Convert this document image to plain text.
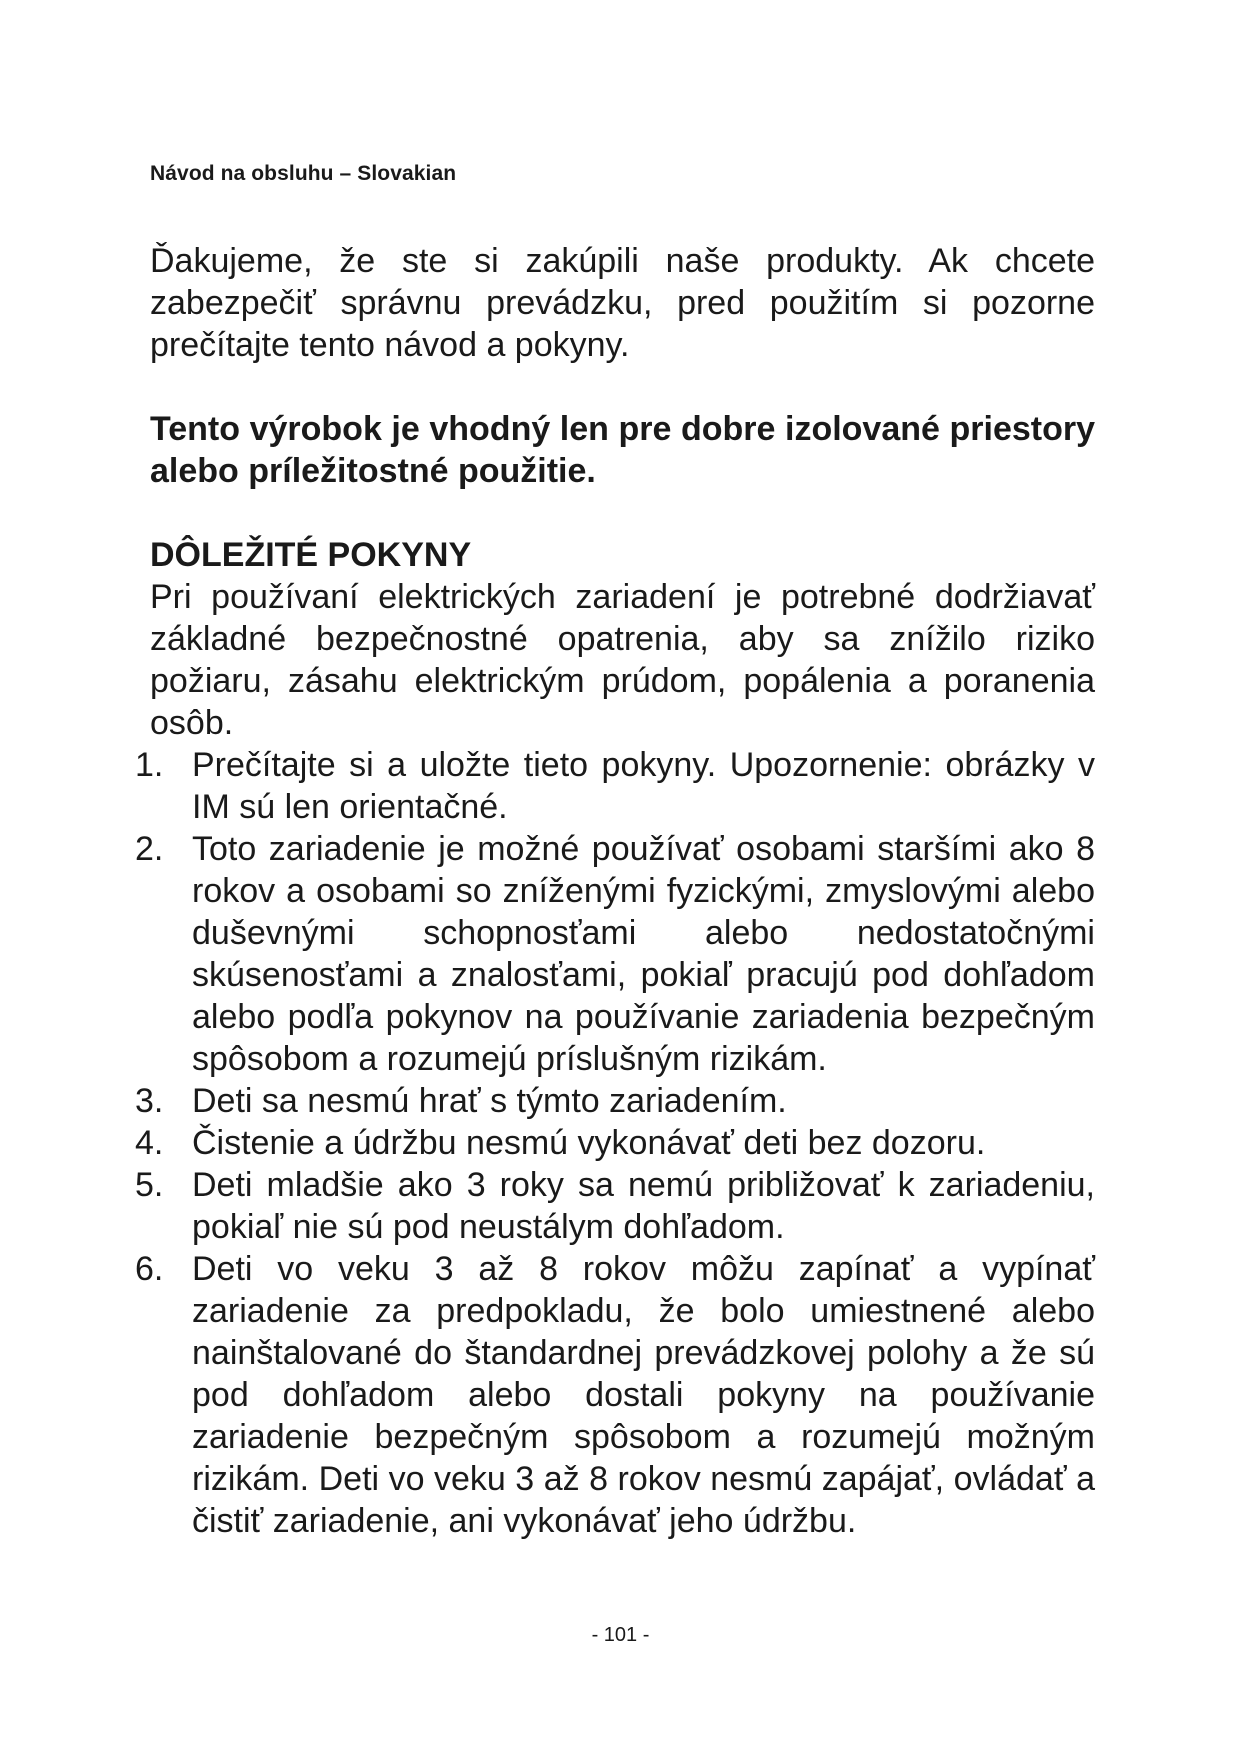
Návod na obsluhu – Slovakian

Ďakujeme, že ste si zakúpili naše produkty. Ak chcete zabezpečiť správnu prevádzku, pred použitím si pozorne prečítajte tento návod a pokyny.

Tento výrobok je vhodný len pre dobre izolované priestory alebo príležitostné použitie.

DÔLEŽITÉ POKYNY

Pri používaní elektrických zariadení je potrebné dodržiavať základné bezpečnostné opatrenia, aby sa znížilo riziko požiaru, zásahu elektrickým prúdom, popálenia a poranenia osôb.

1. Prečítajte si a uložte tieto pokyny. Upozornenie: obrázky v IM sú len orientačné.
2. Toto zariadenie je možné používať osobami staršími ako 8 rokov a osobami so zníženými fyzickými, zmyslovými alebo duševnými schopnosťami alebo nedostatočnými skúsenosťami a znalosťami, pokiaľ pracujú pod dohľadom alebo podľa pokynov na používanie zariadenia bezpečným spôsobom a rozumejú príslušným rizikám.
3. Deti sa nesmú hrať s týmto zariadením.
4. Čistenie a údržbu nesmú vykonávať deti bez dozoru.
5. Deti mladšie ako 3 roky sa nemú približovať k zariadeniu, pokiaľ nie sú pod neustálym dohľadom.
6. Deti vo veku 3 až 8 rokov môžu zapínať a vypínať zariadenie za predpokladu, že bolo umiestnené alebo nainštalované do štandardnej prevádzkovej polohy a že sú pod dohľadom alebo dostali pokyny na používanie zariadenie bezpečným spôsobom a rozumejú možným rizikám. Deti vo veku 3 až 8 rokov nesmú zapájať, ovládať a čistiť zariadenie, ani vykonávať jeho údržbu.
- 101 -
